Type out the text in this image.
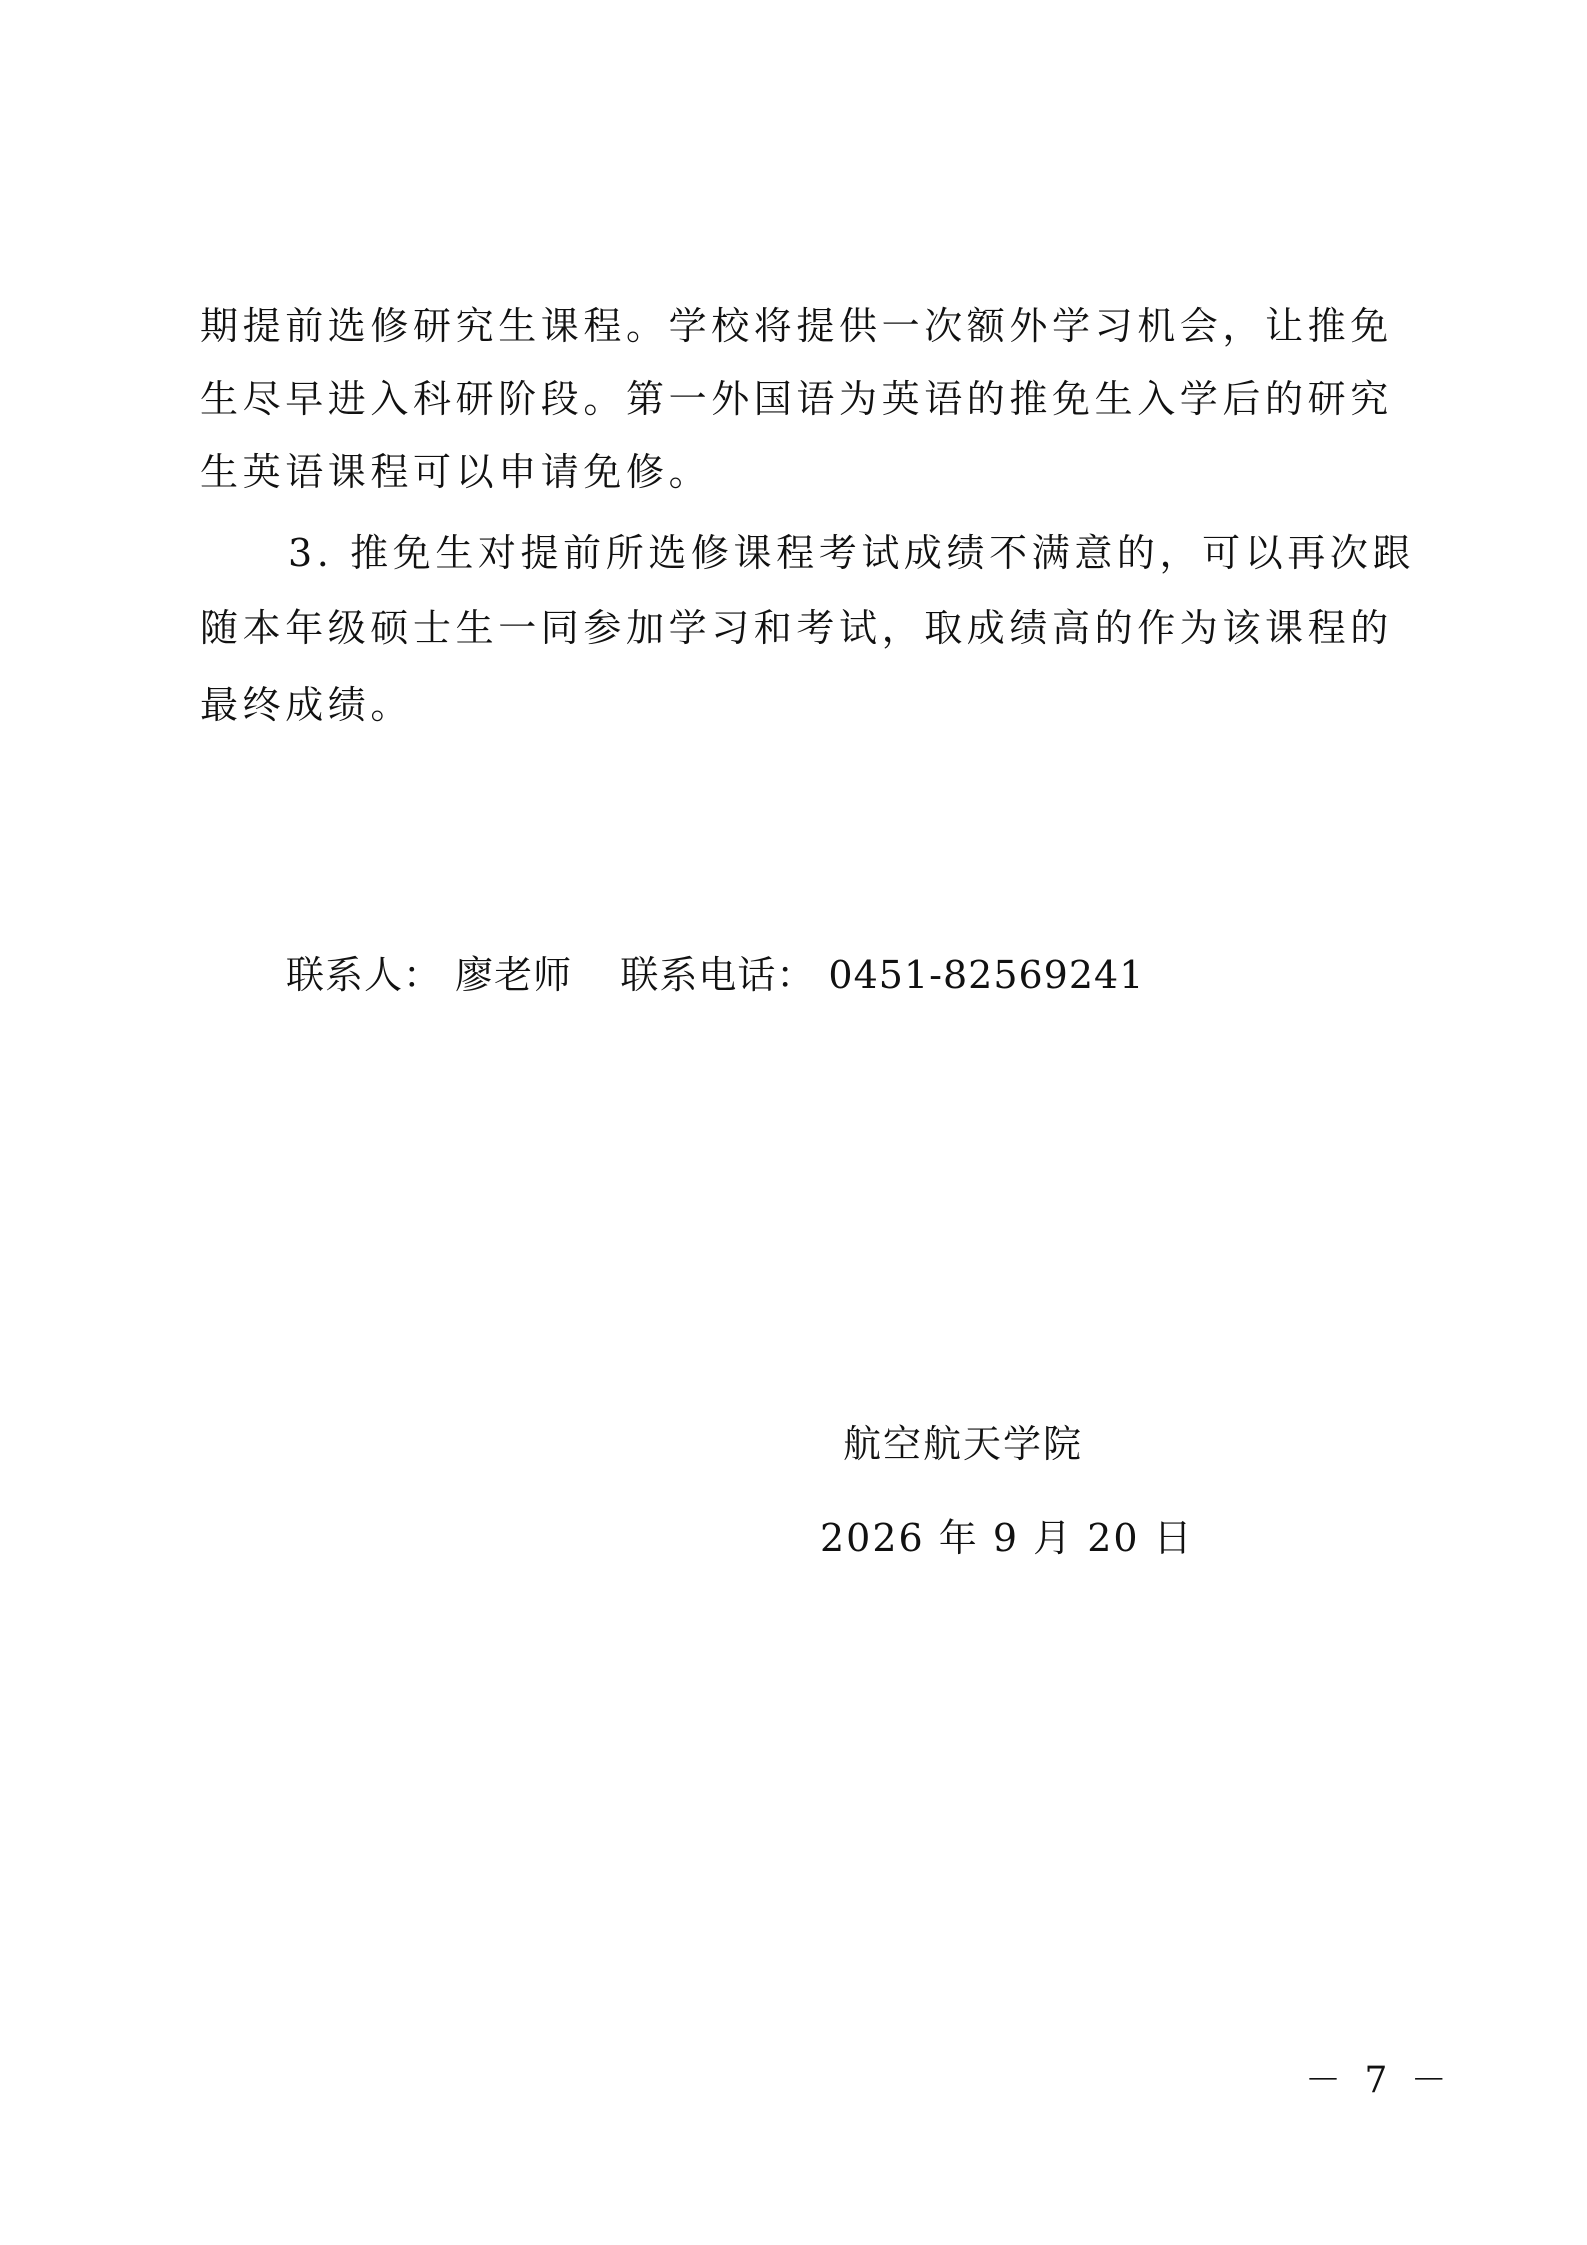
期提前选修研究生课程。学校将提供一次额外学习机会，让推免
生尽早进入科研阶段。第一外国语为英语的推免生入学后的研究
生英语课程可以申请免修。
3. 推免生对提前所选修课程考试成绩不满意的，可以再次跟
随本年级硕士生一同参加学习和考试，取成绩高的作为该课程的
最终成绩。
联系人： 廖老师 联系电话： 0451-82569241
航空航天学院
2026 年 9 月 20 日
－ 7 －
